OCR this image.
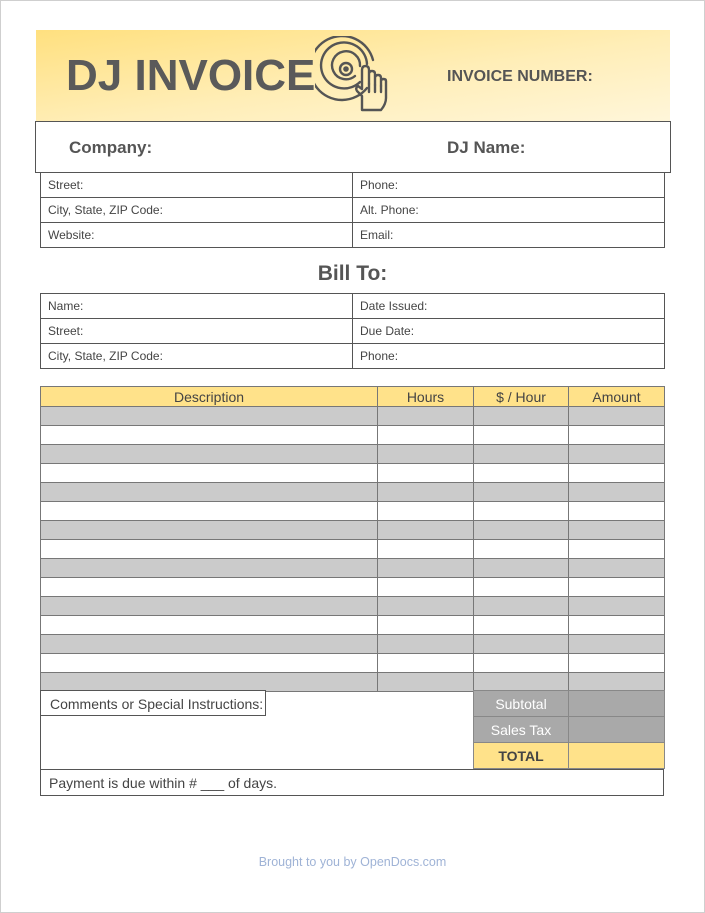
DJ INVOICE	INVOICE NUMBER:
Company:	DJ Name:
Street:	Phone:
City, State, ZIP Code:	Alt. Phone:
Website:	Email:
Bill To:
Name:	Date Issued:
Street:	Due Date:
City, State, ZIP Code:	Phone:
Description	Hours	$ / Hour	Amount

Comments or Special Instructions:	Subtotal	
Sales Tax	
TOTAL	
Payment is due within # ___ of days.
Brought to you by OpenDocs.com
